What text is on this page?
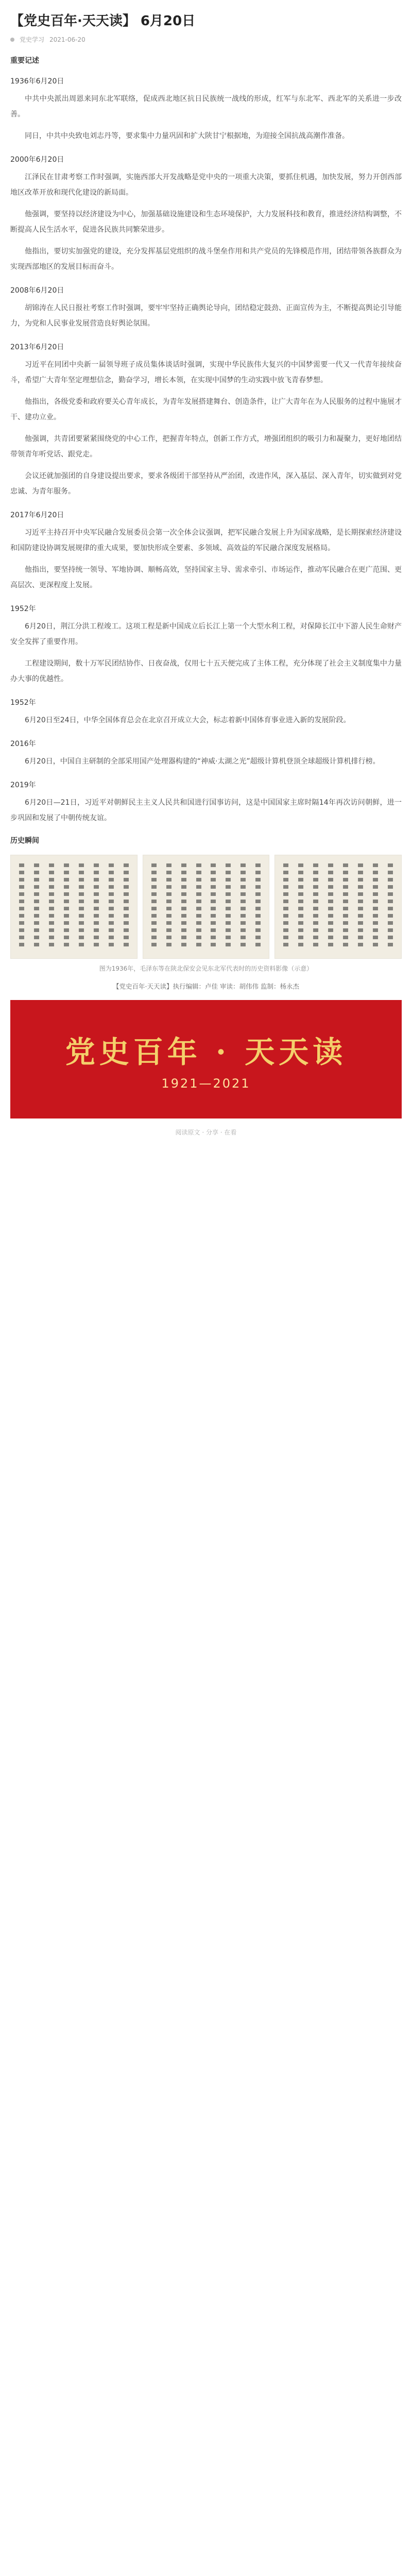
【党史百年·天天读】 6月20日
党史学习 2021-06-20
重要记述
1936年6月20日

中共中央派出周恩来同东北军联络，促成西北地区抗日民族统一战线的形成，红军与东北军、西北军的关系进一步改善。

同日，中共中央致电刘志丹等，要求集中力量巩固和扩大陕甘宁根据地，为迎接全国抗战高潮作准备。

2000年6月20日

江泽民在甘肃考察工作时强调，实施西部大开发战略是党中央的一项重大决策，要抓住机遇，加快发展，努力开创西部地区改革开放和现代化建设的新局面。

他强调，要坚持以经济建设为中心，加强基础设施建设和生态环境保护，大力发展科技和教育，推进经济结构调整，不断提高人民生活水平，促进各民族共同繁荣进步。

他指出，要切实加强党的建设，充分发挥基层党组织的战斗堡垒作用和共产党员的先锋模范作用，团结带领各族群众为实现西部地区的发展目标而奋斗。

2008年6月20日

胡锦涛在人民日报社考察工作时强调，要牢牢坚持正确舆论导向，团结稳定鼓劲、正面宣传为主，不断提高舆论引导能力，为党和人民事业发展营造良好舆论氛围。

2013年6月20日

习近平在同团中央新一届领导班子成员集体谈话时强调，实现中华民族伟大复兴的中国梦需要一代又一代青年接续奋斗，希望广大青年坚定理想信念，勤奋学习，增长本领，在实现中国梦的生动实践中放飞青春梦想。

他指出，各级党委和政府要关心青年成长，为青年发展搭建舞台、创造条件，让广大青年在为人民服务的过程中施展才干、建功立业。

他强调，共青团要紧紧围绕党的中心工作，把握青年特点，创新工作方式，增强团组织的吸引力和凝聚力，更好地团结带领青年听党话、跟党走。

会议还就加强团的自身建设提出要求，要求各级团干部坚持从严治团，改进作风，深入基层、深入青年，切实做到对党忠诚、为青年服务。

2017年6月20日

习近平主持召开中央军民融合发展委员会第一次全体会议强调，把军民融合发展上升为国家战略，是长期探索经济建设和国防建设协调发展规律的重大成果，要加快形成全要素、多领域、高效益的军民融合深度发展格局。

他指出，要坚持统一领导、军地协调、顺畅高效，坚持国家主导、需求牵引、市场运作，推动军民融合在更广范围、更高层次、更深程度上发展。

1952年

6月20日，荆江分洪工程竣工。这项工程是新中国成立后长江上第一个大型水利工程，对保障长江中下游人民生命财产安全发挥了重要作用。

工程建设期间，数十万军民团结协作、日夜奋战，仅用七十五天便完成了主体工程，充分体现了社会主义制度集中力量办大事的优越性。

1952年

6月20日至24日，中华全国体育总会在北京召开成立大会，标志着新中国体育事业进入新的发展阶段。

2016年

6月20日，中国自主研制的全部采用国产处理器构建的“神威·太湖之光”超级计算机登顶全球超级计算机排行榜。

2019年

6月20日—21日，习近平对朝鲜民主主义人民共和国进行国事访问，这是中国国家主席时隔14年再次访问朝鲜，进一步巩固和发展了中朝传统友谊。

历史瞬间
图为1936年，毛泽东等在陕北保安会见东北军代表时的历史资料影像（示意）
【党史百年·天天读】执行编辑：卢佳 审读：胡伟伟 监制：杨永杰
党史百年 · 天天读
1921—2021
阅读原文 · 分享 · 在看
